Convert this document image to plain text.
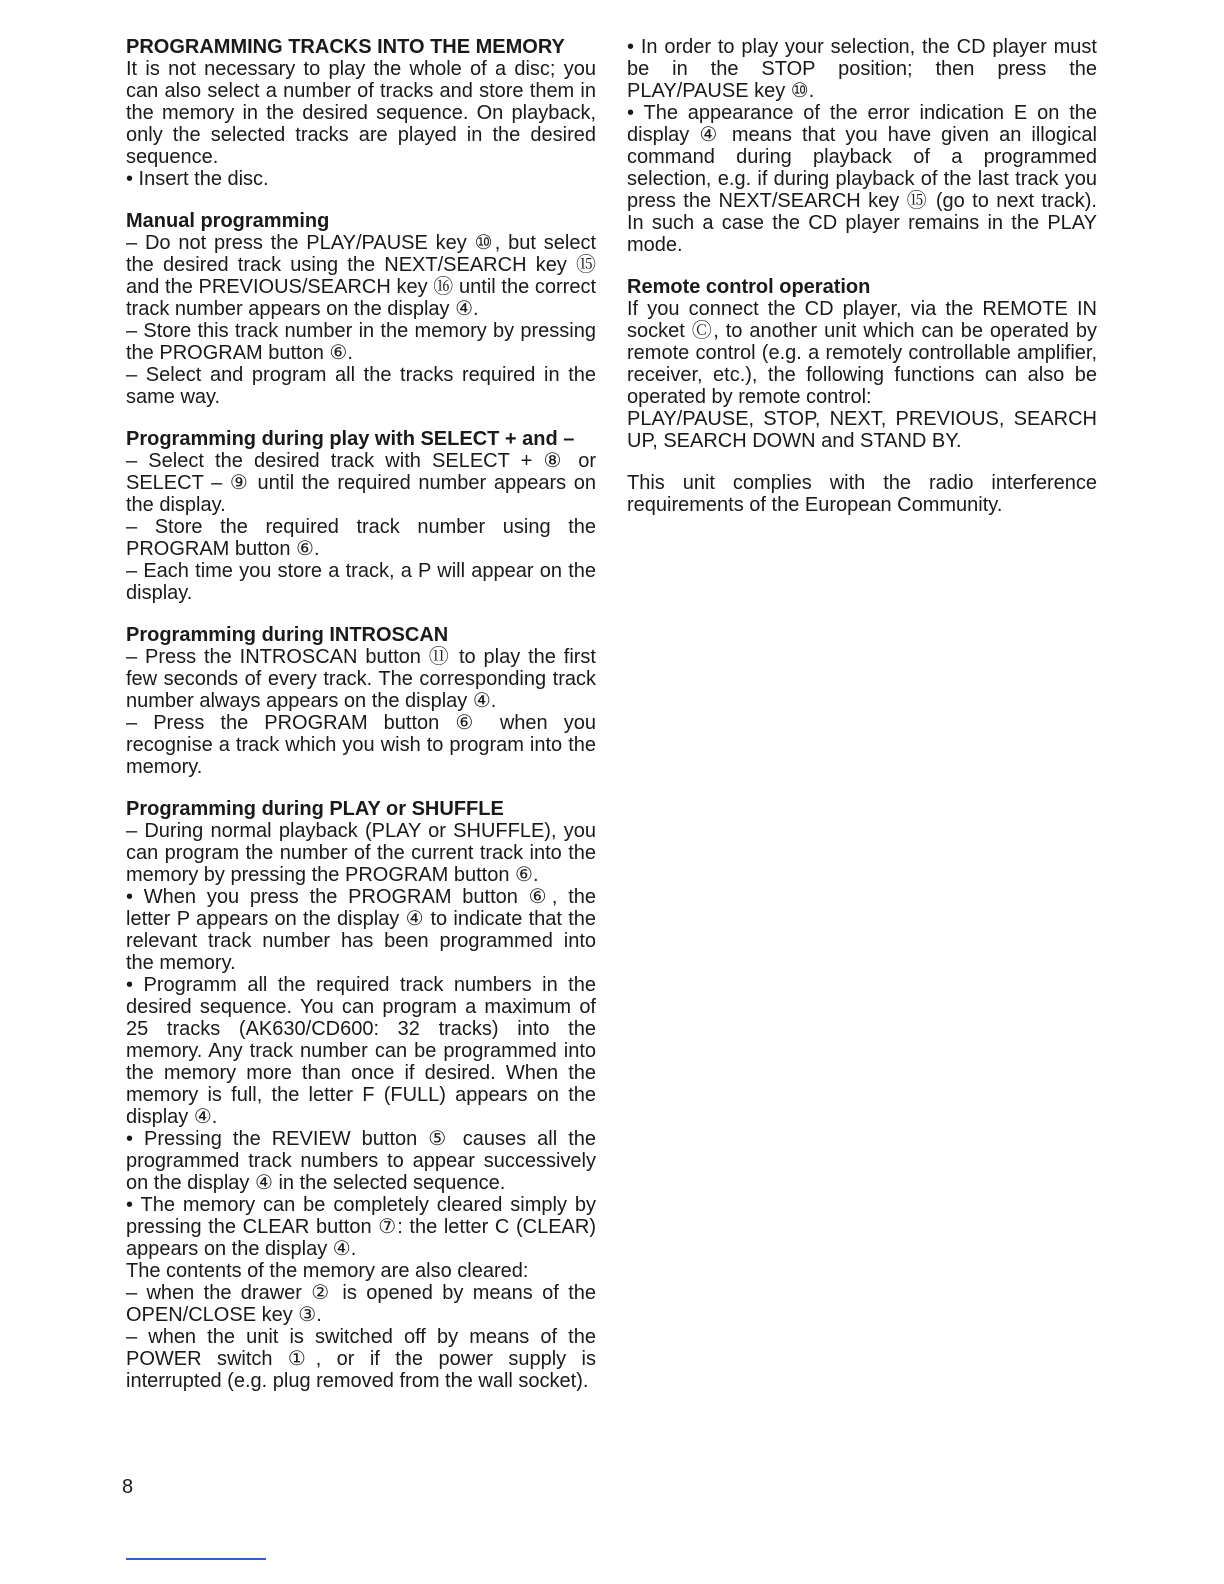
PROGRAMMING TRACKS INTO THE MEMORY

It is not necessary to play the whole of a disc; you can also select a number of tracks and store them in the memory in the desired sequence. On playback, only the selected tracks are played in the desired sequence.

• Insert the disc.

Manual programming

– Do not press the PLAY/PAUSE key ⑩, but select the desired track using the NEXT/SEARCH key ⑮ and the PREVIOUS/SEARCH key ⑯ until the correct track number appears on the display ④.

– Store this track number in the memory by pressing the PROGRAM button ⑥.

– Select and program all the tracks required in the same way.

Programming during play with SELECT + and –

– Select the desired track with SELECT + ⑧ or SELECT – ⑨ until the required number appears on the display.

– Store the required track number using the PROGRAM button ⑥.

– Each time you store a track, a P will appear on the display.

Programming during INTROSCAN

– Press the INTROSCAN button ⑪ to play the first few seconds of every track. The corresponding track number always appears on the display ④.

– Press the PROGRAM button ⑥ when you recognise a track which you wish to program into the memory.

Programming during PLAY or SHUFFLE

– During normal playback (PLAY or SHUFFLE), you can program the number of the current track into the memory by pressing the PROGRAM button ⑥.

• When you press the PROGRAM button ⑥, the letter P appears on the display ④ to indicate that the relevant track number has been programmed into the memory.

• Programm all the required track numbers in the desired sequence. You can program a maximum of 25 tracks (AK630/CD600: 32 tracks) into the memory. Any track number can be programmed into the memory more than once if desired. When the memory is full, the letter F (FULL) appears on the display ④.

• Pressing the REVIEW button ⑤ causes all the programmed track numbers to appear successively on the display ④ in the selected sequence.

• The memory can be completely cleared simply by pressing the CLEAR button ⑦: the letter C (CLEAR) appears on the display ④.

The contents of the memory are also cleared:

– when the drawer ② is opened by means of the OPEN/CLOSE key ③.

– when the unit is switched off by means of the POWER switch ①, or if the power supply is interrupted (e.g. plug removed from the wall socket).

• In order to play your selection, the CD player must be in the STOP position; then press the PLAY/PAUSE key ⑩.

• The appearance of the error indication E on the display ④ means that you have given an illogical command during playback of a programmed selection, e.g. if during playback of the last track you press the NEXT/SEARCH key ⑮ (go to next track). In such a case the CD player remains in the PLAY mode.

Remote control operation

If you connect the CD player, via the REMOTE IN socket Ⓒ, to another unit which can be operated by remote control (e.g. a remotely controllable amplifier, receiver, etc.), the following functions can also be operated by remote control:

PLAY/PAUSE, STOP, NEXT, PREVIOUS, SEARCH UP, SEARCH DOWN and STAND BY.

This unit complies with the radio interference requirements of the European Community.

8
